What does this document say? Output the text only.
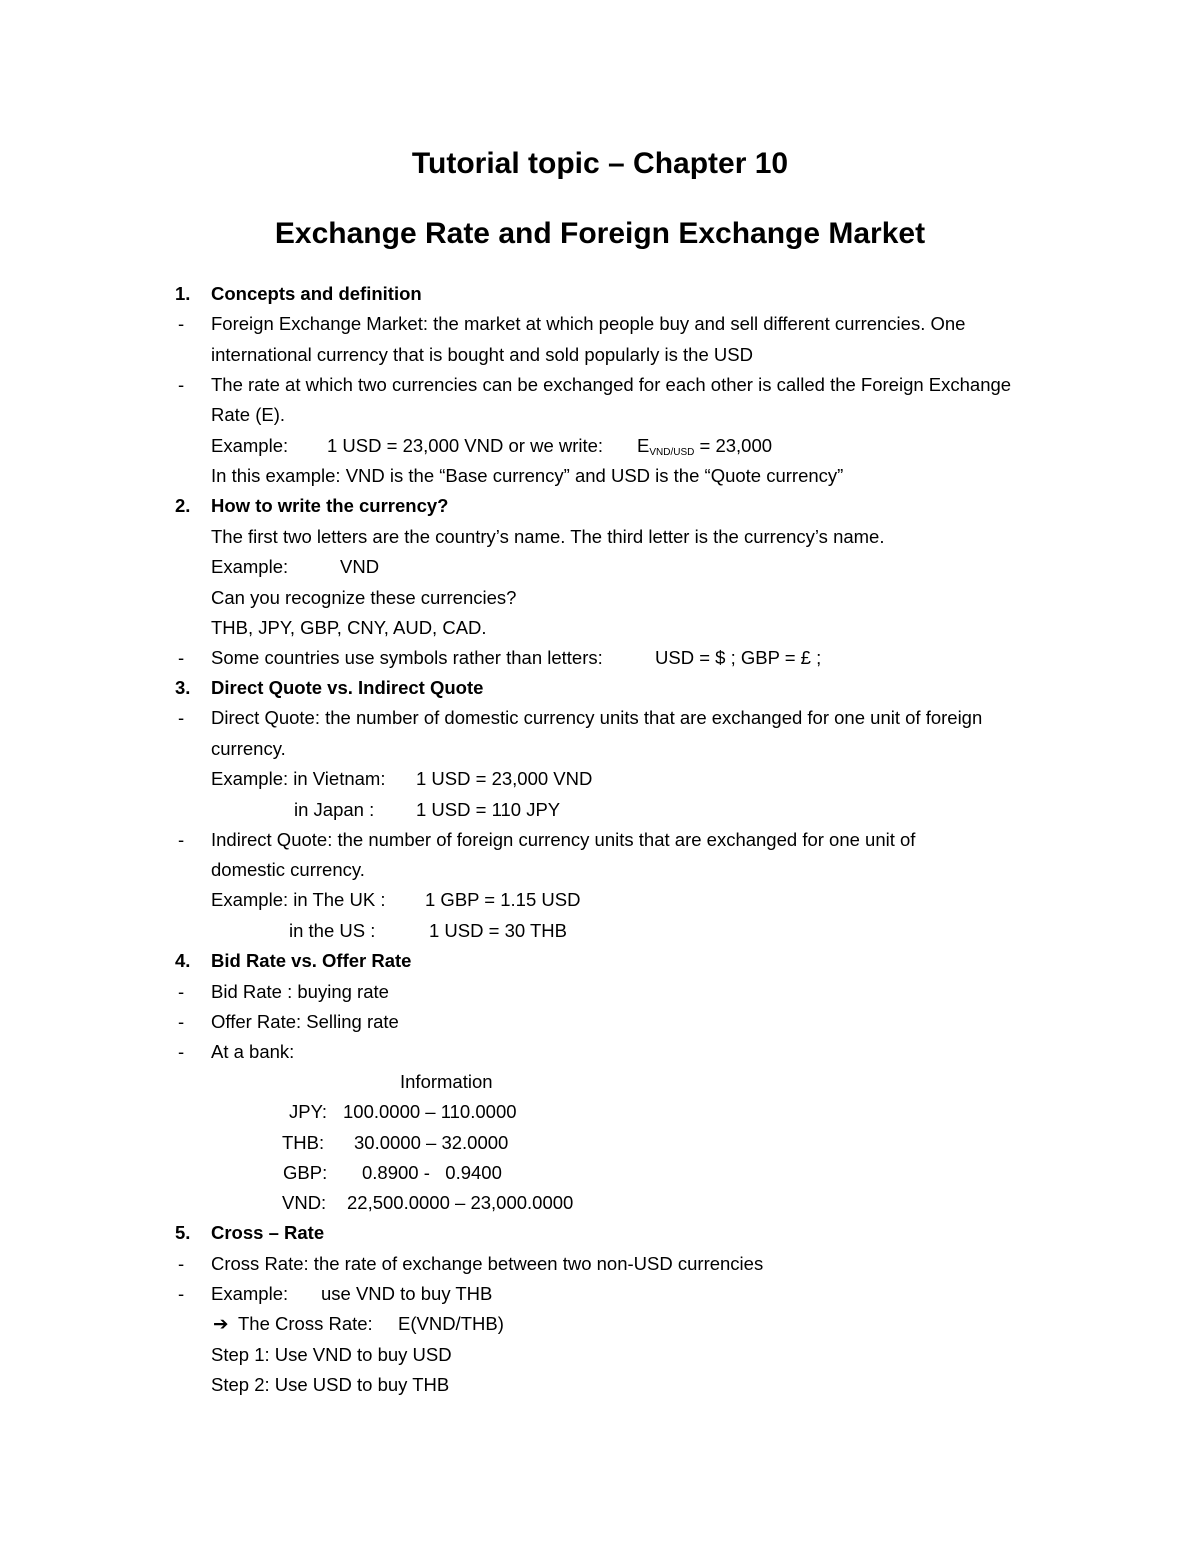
Tutorial topic – Chapter 10
Exchange Rate and Foreign Exchange Market
1. Concepts and definition
- Foreign Exchange Market: the market at which people buy and sell different currencies. One
international currency that is bought and sold popularly is the USD
- The rate at which two currencies can be exchanged for each other is called the Foreign Exchange
Rate (E).
Example: 1 USD = 23,000 VND or we write: $E_{VND/USD} = 23,000$
In this example: VND is the “Base currency” and USD is the “Quote currency”
2. How to write the currency?
The first two letters are the country’s name. The third letter is the currency’s name.
Example:	VND
Can you recognize these currencies?
THB, JPY, GBP, CNY, AUD, CAD.
- Some countries use symbols rather than letters:	USD = $ ; GBP = £ ;
3. Direct Quote vs. Indirect Quote
- Direct Quote: the number of domestic currency units that are exchanged for one unit of foreign
currency.
Example: in Vietnam: 1 USD = 23,000 VND
in Japan : 1 USD = 110 JPY
- Indirect Quote: the number of foreign currency units that are exchanged for one unit of
domestic currency.
Example: in The UK : 1 GBP = 1.15 USD
in the US :	1 USD = 30 THB
4. Bid Rate vs. Offer Rate
- Bid Rate : buying rate
- Offer Rate: Selling rate
- At a bank:
Information
JPY: 100.0000 – 110.0000
THB: 30.0000 – 32.0000
GBP: 0.8900 -   0.9400
VND: 22,500.0000 – 23,000.0000
5. Cross – Rate
- Cross Rate: the rate of exchange between two non-USD currencies
- Example: use VND to buy THB
➔ The Cross Rate: E(VND/THB)
Step 1: Use VND to buy USD
Step 2: Use USD to buy THB
